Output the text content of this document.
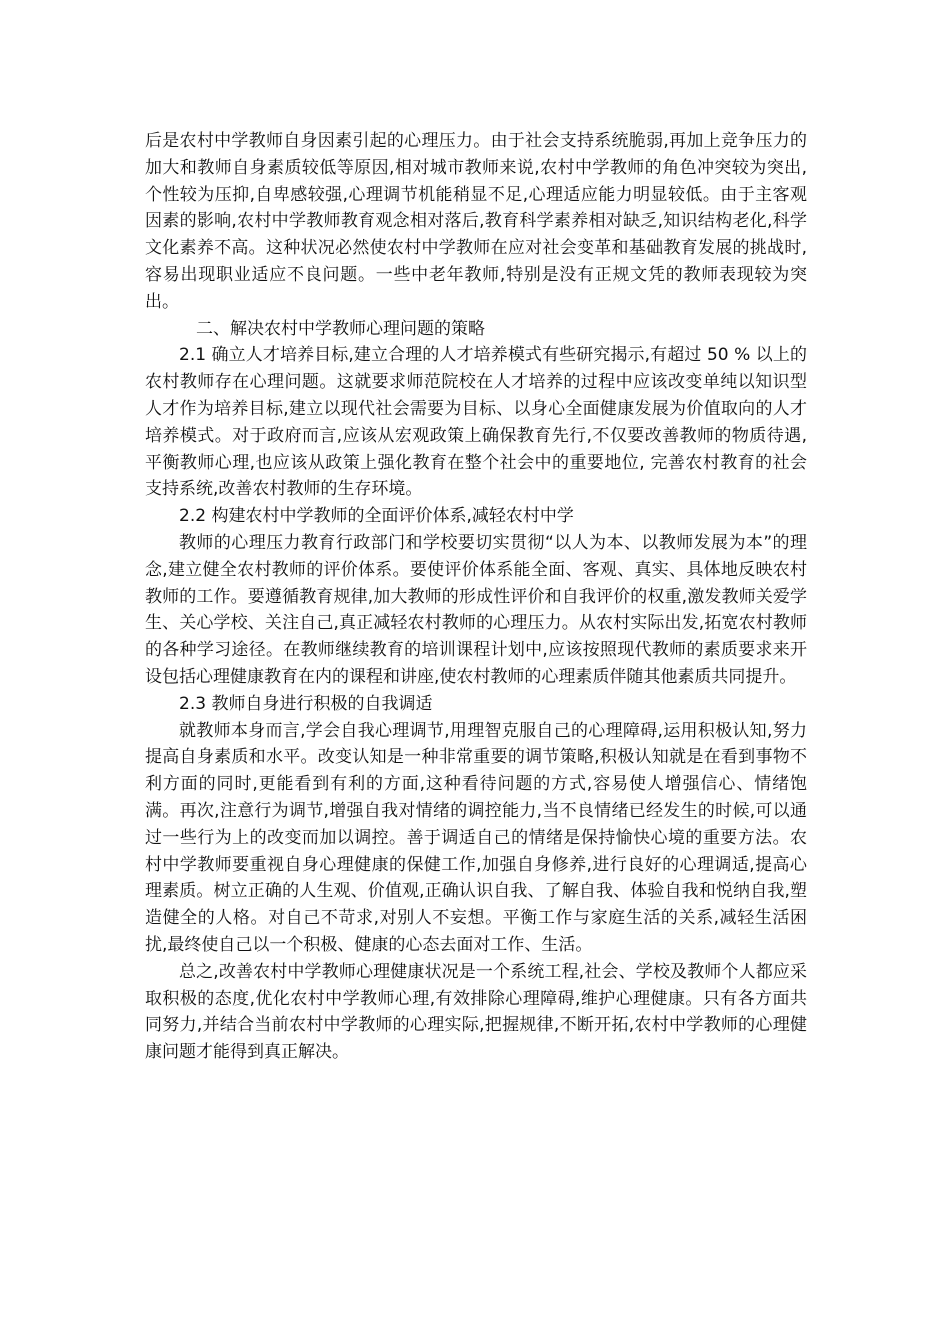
后是农村中学教师自身因素引起的心理压力。由于社会支持系统脆弱,再加上竞争压力的加大和教师自身素质较低等原因,相对城市教师来说,农村中学教师的角色冲突较为突出,个性较为压抑,自卑感较强,心理调节机能稍显不足,心理适应能力明显较低。由于主客观因素的影响,农村中学教师教育观念相对落后,教育科学素养相对缺乏,知识结构老化,科学文化素养不高。这种状况必然使农村中学教师在应对社会变革和基础教育发展的挑战时,容易出现职业适应不良问题。一些中老年教师,特别是没有正规文凭的教师表现较为突出。

二、解决农村中学教师心理问题的策略

2.1 确立人才培养目标,建立合理的人才培养模式有些研究揭示,有超过 50 % 以上的农村教师存在心理问题。这就要求师范院校在人才培养的过程中应该改变单纯以知识型人才作为培养目标,建立以现代社会需要为目标、以身心全面健康发展为价值取向的人才培养模式。对于政府而言,应该从宏观政策上确保教育先行,不仅要改善教师的物质待遇,平衡教师心理,也应该从政策上强化教育在整个社会中的重要地位, 完善农村教育的社会支持系统,改善农村教师的生存环境。

2.2 构建农村中学教师的全面评价体系,减轻农村中学

教师的心理压力教育行政部门和学校要切实贯彻“以人为本、以教师发展为本”的理念,建立健全农村教师的评价体系。要使评价体系能全面、客观、真实、具体地反映农村教师的工作。要遵循教育规律,加大教师的形成性评价和自我评价的权重,激发教师关爱学生、关心学校、关注自己,真正减轻农村教师的心理压力。从农村实际出发,拓宽农村教师的各种学习途径。在教师继续教育的培训课程计划中,应该按照现代教师的素质要求来开设包括心理健康教育在内的课程和讲座,使农村教师的心理素质伴随其他素质共同提升。

2.3 教师自身进行积极的自我调适

就教师本身而言,学会自我心理调节,用理智克服自己的心理障碍,运用积极认知,努力提高自身素质和水平。改变认知是一种非常重要的调节策略,积极认知就是在看到事物不利方面的同时,更能看到有利的方面,这种看待问题的方式,容易使人增强信心、情绪饱满。再次,注意行为调节,增强自我对情绪的调控能力,当不良情绪已经发生的时候,可以通过一些行为上的改变而加以调控。善于调适自己的情绪是保持愉快心境的重要方法。农村中学教师要重视自身心理健康的保健工作,加强自身修养,进行良好的心理调适,提高心理素质。树立正确的人生观、价值观,正确认识自我、了解自我、体验自我和悦纳自我,塑造健全的人格。对自己不苛求,对别人不妄想。平衡工作与家庭生活的关系,减轻生活困扰,最终使自己以一个积极、健康的心态去面对工作、生活。

总之,改善农村中学教师心理健康状况是一个系统工程,社会、学校及教师个人都应采取积极的态度,优化农村中学教师心理,有效排除心理障碍,维护心理健康。只有各方面共同努力,并结合当前农村中学教师的心理实际,把握规律,不断开拓,农村中学教师的心理健康问题才能得到真正解决。
